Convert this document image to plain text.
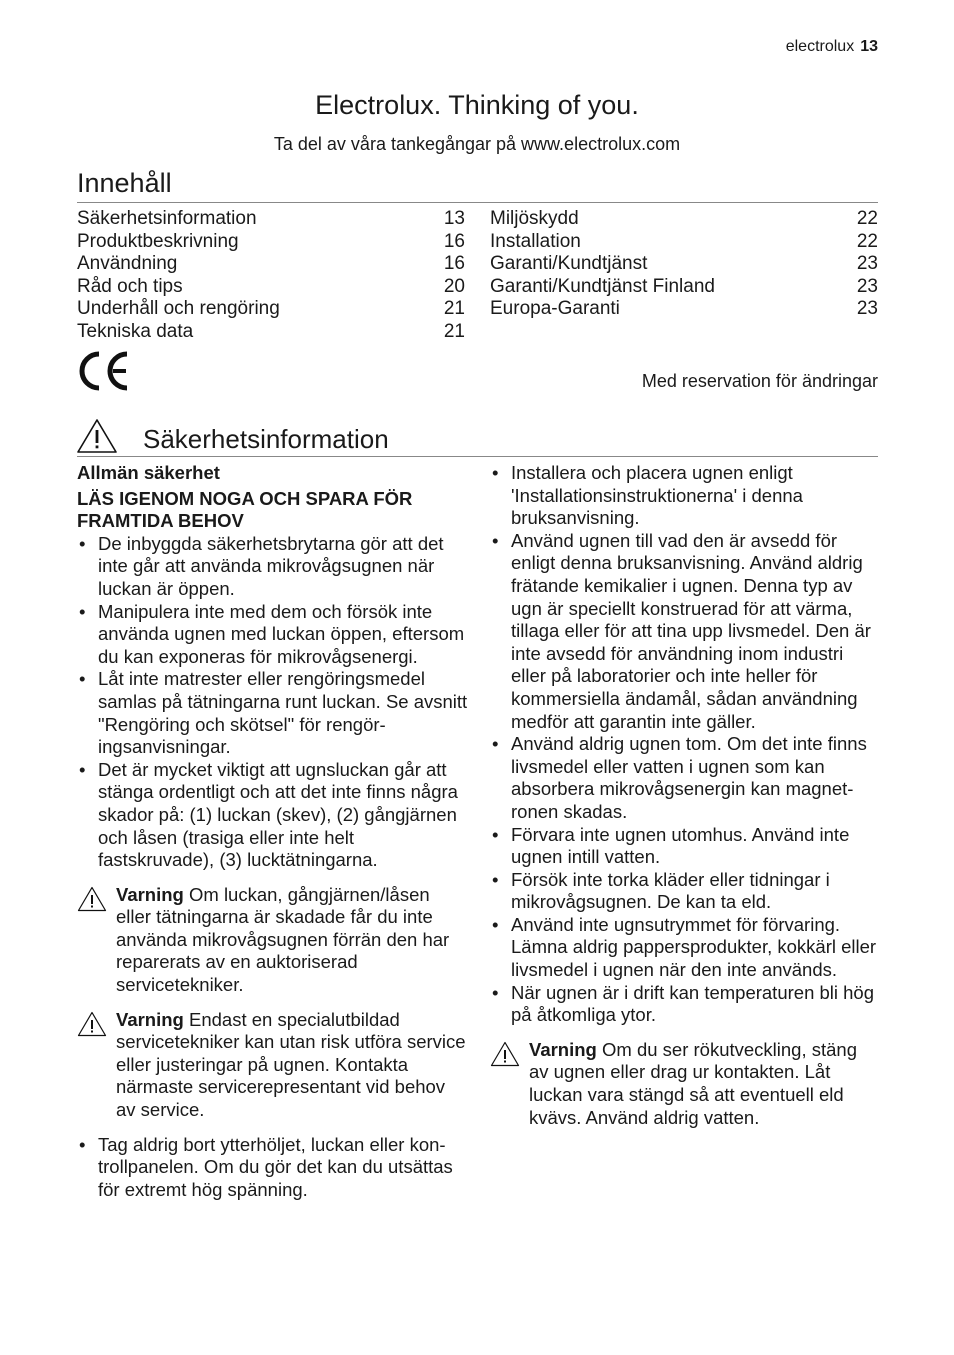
electrolux 13
Electrolux. Thinking of you.
Ta del av våra tankegångar på www.electrolux.com
Innehåll
Säkerhetsinformation	13
Produktbeskrivning	16
Användning	16
Råd och tips	20
Underhåll och rengöring	21
Tekniska data	21
Miljöskydd	22
Installation	22
Garanti/Kundtjänst	23
Garanti/Kundtjänst Finland	23
Europa-Garanti	23
Med reservation för ändringar
Säkerhetsinformation
Allmän säkerhet
LÄS IGENOM NOGA OCH SPARA FÖR FRAMTIDA BEHOV
• De inbyggda säkerhetsbrytarna gör att det inte går att använda mikrovågsugnen när luckan är öppen.
• Manipulera inte med dem och försök inte använda ugnen med luckan öppen, eftersom du kan exponeras för mikrovågsenergi.
• Låt inte matrester eller rengöringsmedel samlas på tätningarna runt luckan. Se avsnitt "Rengöring och skötsel" för rengöringsanvisningar.
• Det är mycket viktigt att ugnsluckan går att stänga ordentligt och att det inte finns några skador på: (1) luckan (skev), (2) gångjärnen och låsen (trasiga eller inte helt fastskruvade), (3) lucktätningarna.
Varning Om luckan, gångjärnen/låsen eller tätningarna är skadade får du inte använda mikrovågsugnen förrän den har reparerats av en auktoriserad servicetekniker.
Varning Endast en specialutbildad servicetekniker kan utan risk utföra service eller justeringar på ugnen. Kontakta närmaste servicerepresentant vid behov av service.
• Tag aldrig bort ytterhöljet, luckan eller kontrollpanelen. Om du gör det kan du utsättas för extremt hög spänning.
• Installera och placera ugnen enligt 'Installationsinstruktionerna' i denna bruksanvisning.
• Använd ugnen till vad den är avsedd för enligt denna bruksanvisning. Använd aldrig frätande kemikalier i ugnen. Denna typ av ugn är speciellt konstruerad för att värma, tillaga eller för att tina upp livsmedel. Den är inte avsedd för användning inom industri eller på laboratorier och inte heller för kommersiella ändamål, sådan användning medför att garantin inte gäller.
• Använd aldrig ugnen tom. Om det inte finns livsmedel eller vatten i ugnen som kan absorbera mikrovågsenergin kan magnetronen skadas.
• Förvara inte ugnen utomhus. Använd inte ugnen intill vatten.
• Försök inte torka kläder eller tidningar i mikrovågsugnen. De kan ta eld.
• Använd inte ugnsutrymmet för förvaring. Lämna aldrig pappersprodukter, kokkärl eller livsmedel i ugnen när den inte används.
• När ugnen är i drift kan temperaturen bli hög på åtkomliga ytor.
Varning Om du ser rökutveckling, stäng av ugnen eller drag ur kontakten. Låt luckan vara stängd så att eventuell eld kvävs. Använd aldrig vatten.
